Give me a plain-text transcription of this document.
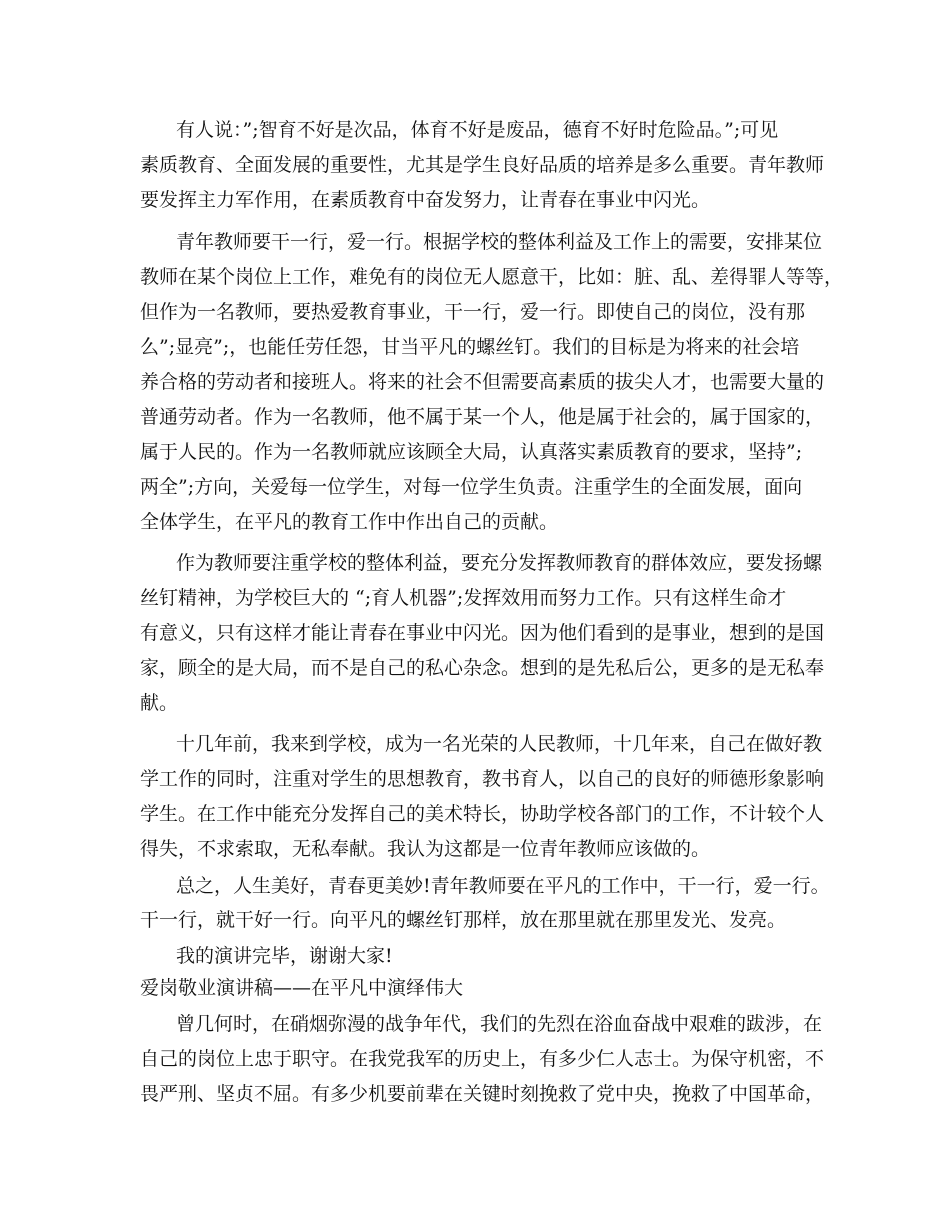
有人说：”;智育不好是次品，体育不好是废品，德育不好时危险品。”;可见
素质教育、全面发展的重要性，尤其是学生良好品质的培养是多么重要。青年教师
要发挥主力军作用，在素质教育中奋发努力，让青春在事业中闪光。
青年教师要干一行，爱一行。根据学校的整体利益及工作上的需要，安排某位
教师在某个岗位上工作，难免有的岗位无人愿意干，比如：脏、乱、差得罪人等等，
但作为一名教师，要热爱教育事业，干一行，爱一行。即使自己的岗位，没有那
么”;显亮”;，也能任劳任怨，甘当平凡的螺丝钉。我们的目标是为将来的社会培
养合格的劳动者和接班人。将来的社会不但需要高素质的拔尖人才，也需要大量的
普通劳动者。作为一名教师，他不属于某一个人，他是属于社会的，属于国家的，
属于人民的。作为一名教师就应该顾全大局，认真落实素质教育的要求，坚持”;
两全”;方向，关爱每一位学生，对每一位学生负责。注重学生的全面发展，面向
全体学生，在平凡的教育工作中作出自己的贡献。
作为教师要注重学校的整体利益，要充分发挥教师教育的群体效应，要发扬螺
丝钉精神，为学校巨大的 “;育人机器”;发挥效用而努力工作。只有这样生命才
有意义，只有这样才能让青春在事业中闪光。因为他们看到的是事业，想到的是国
家，顾全的是大局，而不是自己的私心杂念。想到的是先私后公，更多的是无私奉
献。
十几年前，我来到学校，成为一名光荣的人民教师，十几年来，自己在做好教
学工作的同时，注重对学生的思想教育，教书育人，以自己的良好的师德形象影响
学生。在工作中能充分发挥自己的美术特长，协助学校各部门的工作，不计较个人
得失，不求索取，无私奉献。我认为这都是一位青年教师应该做的。
总之，人生美好，青春更美妙!青年教师要在平凡的工作中，干一行，爱一行。
干一行，就干好一行。向平凡的螺丝钉那样，放在那里就在那里发光、发亮。
我的演讲完毕，谢谢大家!
爱岗敬业演讲稿——在平凡中演绎伟大
曾几何时，在硝烟弥漫的战争年代，我们的先烈在浴血奋战中艰难的跋涉，在
自己的岗位上忠于职守。在我党我军的历史上，有多少仁人志士。为保守机密，不
畏严刑、坚贞不屈。有多少机要前辈在关键时刻挽救了党中央，挽救了中国革命，
